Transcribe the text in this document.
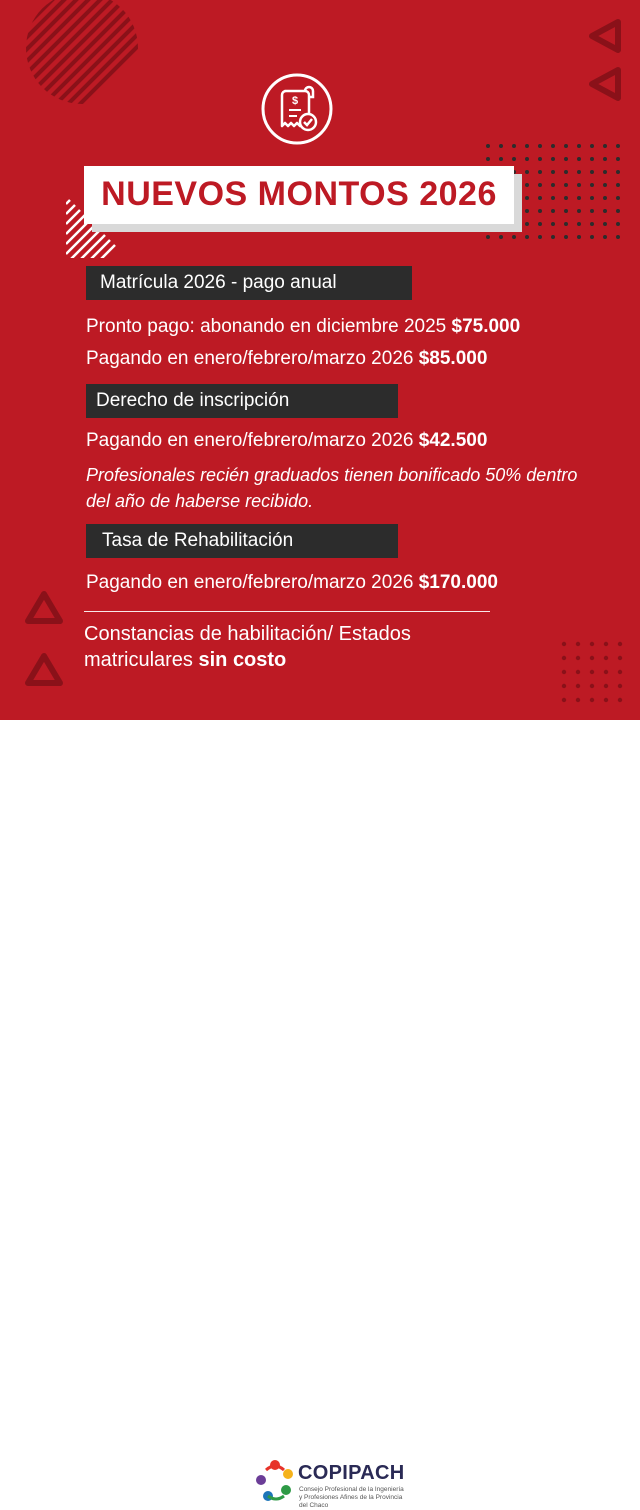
$
NUEVOS MONTOS 2026
Matrícula 2026 - pago anual
Pronto pago: abonando en diciembre 2025 $75.000
Pagando en enero/febrero/marzo 2026 $85.000
Derecho de inscripción
Pagando en enero/febrero/marzo 2026 $42.500
Profesionales recién graduados tienen bonificado 50% dentro del año de haberse recibido.
Tasa de Rehabilitación
Pagando en enero/febrero/marzo 2026 $170.000
Constancias de habilitación/ Estados matriculares sin costo
COPIPACH
Consejo Profesional de la Ingeniería y Profesiones Afines de la Provincia del Chaco
